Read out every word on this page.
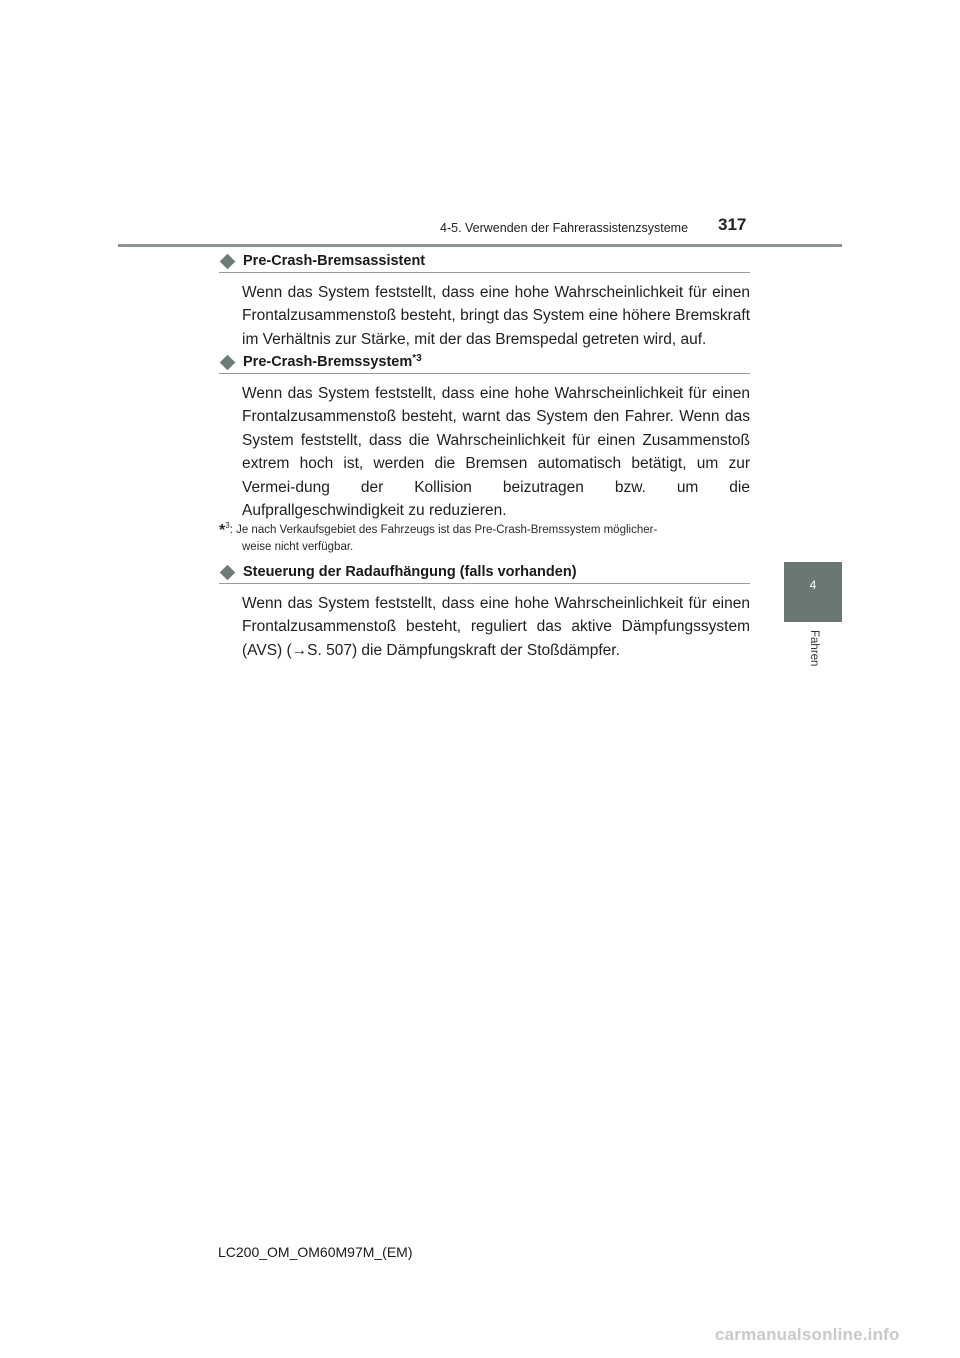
4-5. Verwenden der Fahrerassistenzsysteme 317
4
Fahren
Pre-Crash-Bremsassistent
Wenn das System feststellt, dass eine hohe Wahrscheinlichkeit für einen Frontalzusammenstoß besteht, bringt das System eine höhere Bremskraft im Verhältnis zur Stärke, mit der das Bremspedal getreten wird, auf.
Pre-Crash-Bremssystem$^{*3}$
Wenn das System feststellt, dass eine hohe Wahrscheinlichkeit für einen Frontalzusammenstoß besteht, warnt das System den Fahrer. Wenn das System feststellt, dass die Wahrscheinlichkeit für einen Zusammenstoß extrem hoch ist, werden die Bremsen automatisch betätigt, um zur Vermei-dung der Kollision beizutragen bzw. um die Aufprallgeschwindigkeit zu reduzieren.
*$^3$: Je nach Verkaufsgebiet des Fahrzeugs ist das Pre-Crash-Bremssystem möglicher-
weise nicht verfügbar.
Steuerung der Radaufhängung (falls vorhanden)
Wenn das System feststellt, dass eine hohe Wahrscheinlichkeit für einen Frontalzusammenstoß besteht, reguliert das aktive Dämpfungssystem (AVS) (→S. 507) die Dämpfungskraft der Stoßdämpfer.
LC200_OM_OM60M97M_(EM)
carmanualsonline.info
